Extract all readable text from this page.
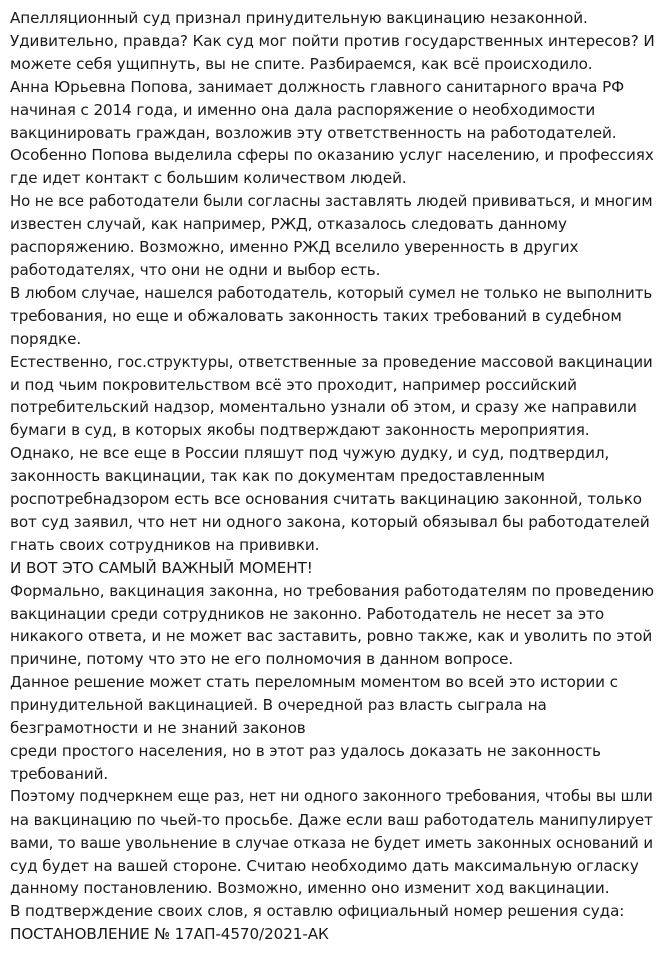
Апелляционный суд признал принудительную вакцинацию незаконной.
Удивительно, правда? Как суд мог пойти против государственных интересов? И
можете себя ущипнуть, вы не спите. Разбираемся, как всё происходило.
Анна Юрьевна Попова, занимает должность главного санитарного врача РФ
начиная с 2014 года, и именно она дала распоряжение о необходимости
вакцинировать граждан, возложив эту ответственность на работодателей.
Особенно Попова выделила сферы по оказанию услуг населению, и профессиях
где идет контакт с большим количеством людей.
Но не все работодатели были согласны заставлять людей прививаться, и многим
известен случай, как например, РЖД, отказалось следовать данному
распоряжению. Возможно, именно РЖД вселило уверенность в других
работодателях, что они не одни и выбор есть.
В любом случае, нашелся работодатель, который сумел не только не выполнить
требования, но еще и обжаловать законность таких требований в судебном
порядке.
Естественно, гос.структуры, ответственные за проведение массовой вакцинации
и под чьим покровительством всё это проходит, например российский
потребительский надзор, моментально узнали об этом, и сразу же направили
бумаги в суд, в которых якобы подтверждают законность мероприятия.
Однако, не все еще в России пляшут под чужую дудку, и суд, подтвердил,
законность вакцинации, так как по документам предоставленным
роспотребнадзором есть все основания считать вакцинацию законной, только
вот суд заявил, что нет ни одного закона, который обязывал бы работодателей
гнать своих сотрудников на прививки.
И ВОТ ЭТО САМЫЙ ВАЖНЫЙ МОМЕНТ!
Формально, вакцинация законна, но требования работодателям по проведению
вакцинации среди сотрудников не законно. Работодатель не несет за это
никакого ответа, и не может вас заставить, ровно также, как и уволить по этой
причине, потому что это не его полномочия в данном вопросе.
Данное решение может стать переломным моментом во всей это истории с
принудительной вакцинацией. В очередной раз власть сыграла на
безграмотности и не знаний законов
среди простого населения, но в этот раз удалось доказать не законность
требований.
Поэтому подчеркнем еще раз, нет ни одного законного требования, чтобы вы шли
на вакцинацию по чьей-то просьбе. Даже если ваш работодатель манипулирует
вами, то ваше увольнение в случае отказа не будет иметь законных оснований и
суд будет на вашей стороне. Считаю необходимо дать максимальную огласку
данному постановлению. Возможно, именно оно изменит ход вакцинации.
В подтверждение своих слов, я оставлю официальный номер решения суда:
ПОСТАНОВЛЕНИЕ № 17АП-4570/2021-АК
